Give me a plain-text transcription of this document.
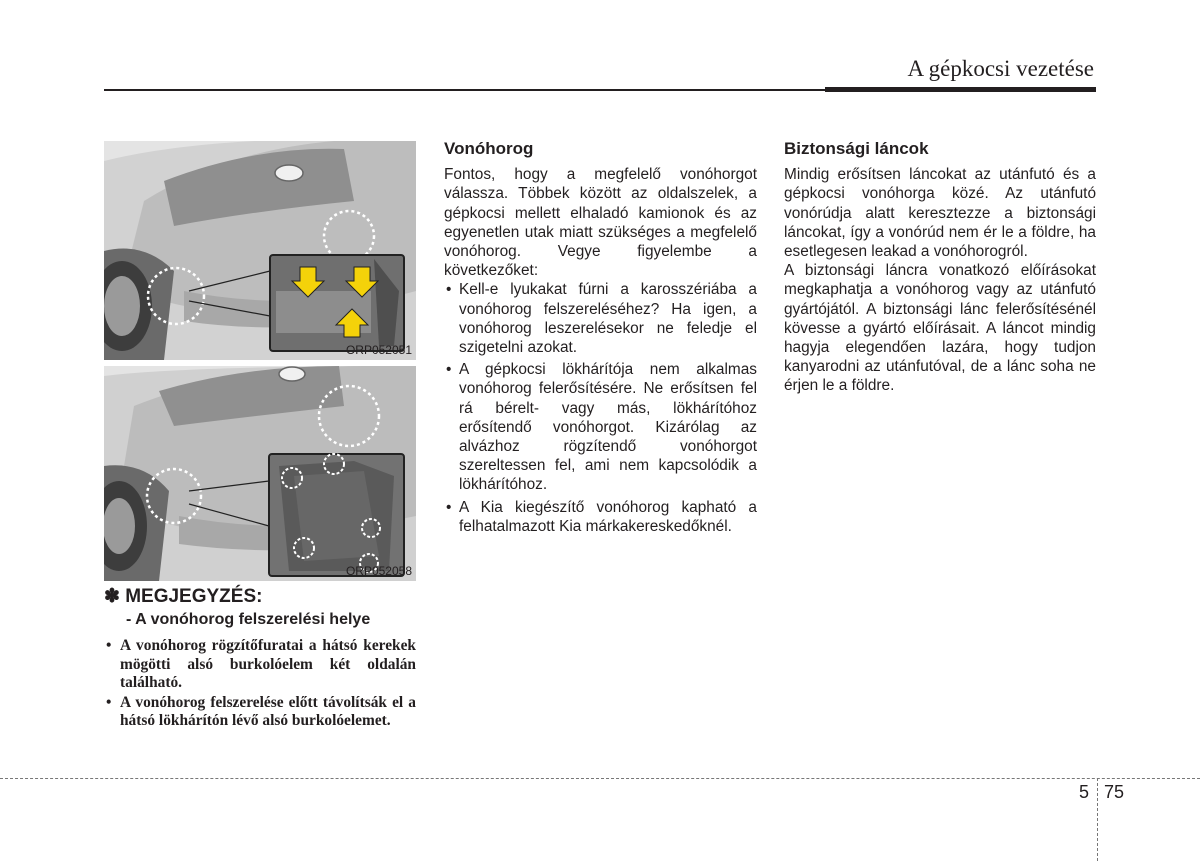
A gépkocsi vezetése
ORP052051
ORP052058
✽ MEGJEGYZÉS:
- A vonóhorog felszerelési helye
• A vonóhorog rögzítőfuratai a hátsó kerekek mögötti alsó burkolóelem két oldalán található.
• A vonóhorog felszerelése előtt távolítsák el a hátsó lökhárítón lévő alsó burkolóelemet.
Vonóhorog

Fontos, hogy a megfelelő vonóhorgot válassza. Többek között az oldalszelek, a gépkocsi mellett elhaladó kamionok és az egyenetlen utak miatt szükséges a megfelelő vonóhorog. Vegye figyelembe a következőket:

• Kell-e lyukakat fúrni a karosszériába a vonóhorog felszereléséhez? Ha igen, a vonóhorog leszerelésekor ne feledje el szigetelni azokat.
• A gépkocsi lökhárítója nem alkalmas vonóhorog felerősítésére. Ne erősítsen fel rá bérelt- vagy más, lökhárítóhoz erősítendő vonóhorgot. Kizárólag az alvázhoz rögzítendő vonóhorgot szereltessen fel, ami nem kapcsolódik a lökhárítóhoz.
• A Kia kiegészítő vonóhorog kapható a felhatalmazott Kia márkakereskedőknél.
Biztonsági láncok

Mindig erősítsen láncokat az utánfutó és a gépkocsi vonóhorga közé. Az utánfutó vonórúdja alatt keresztezze a biztonsági láncokat, így a vonórúd nem ér le a földre, ha esetlegesen leakad a vonóhorogról.

A biztonsági láncra vonatkozó előírásokat megkaphatja a vonóhorog vagy az utánfutó gyártójától. A biztonsági lánc felerősítésénél kövesse a gyártó előírásait. A láncot mindig hagyja elegendően lazára, hogy tudjon kanyarodni az utánfutóval, de a lánc soha ne érjen le a földre.

5 75
